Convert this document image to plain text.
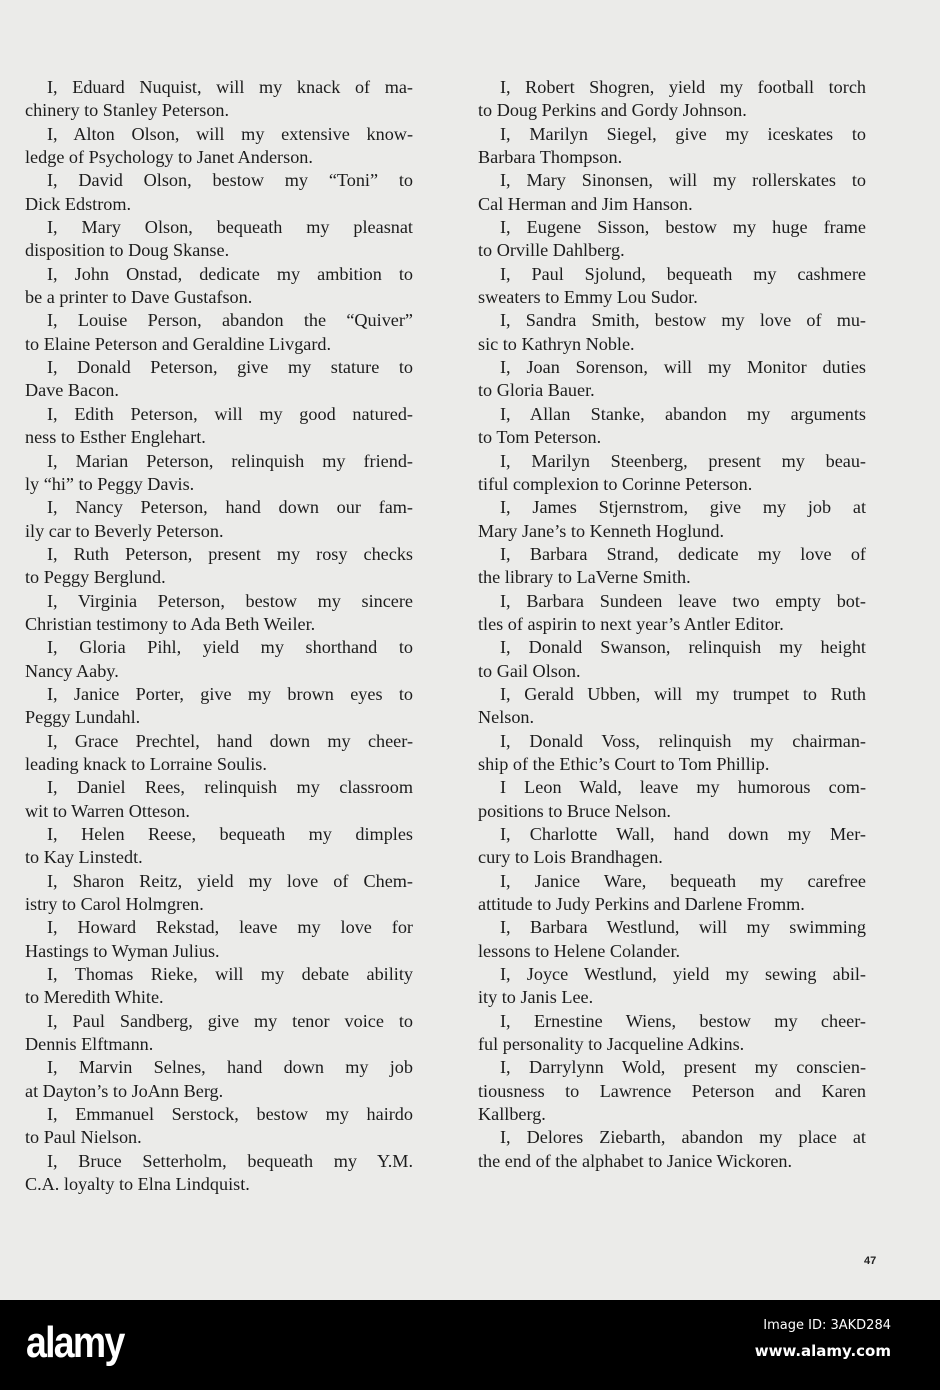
I, Eduard Nuquist, will my knack of ma-
chinery to Stanley Peterson.
I, Alton Olson, will my extensive know-
ledge of Psychology to Janet Anderson.
I, David Olson, bestow my “Toni” to
Dick Edstrom.
I, Mary Olson, bequeath my pleasnat
disposition to Doug Skanse.
I, John Onstad, dedicate my ambition to
be a printer to Dave Gustafson.
I, Louise Person, abandon the “Quiver”
to Elaine Peterson and Geraldine Livgard.
I, Donald Peterson, give my stature to
Dave Bacon.
I, Edith Peterson, will my good natured-
ness to Esther Englehart.
I, Marian Peterson, relinquish my friend-
ly “hi” to Peggy Davis.
I, Nancy Peterson, hand down our fam-
ily car to Beverly Peterson.
I, Ruth Peterson, present my rosy checks
to Peggy Berglund.
I, Virginia Peterson, bestow my sincere
Christian testimony to Ada Beth Weiler.
I, Gloria Pihl, yield my shorthand to
Nancy Aaby.
I, Janice Porter, give my brown eyes to
Peggy Lundahl.
I, Grace Prechtel, hand down my cheer-
leading knack to Lorraine Soulis.
I, Daniel Rees, relinquish my classroom
wit to Warren Otteson.
I, Helen Reese, bequeath my dimples
to Kay Linstedt.
I, Sharon Reitz, yield my love of Chem-
istry to Carol Holmgren.
I, Howard Rekstad, leave my love for
Hastings to Wyman Julius.
I, Thomas Rieke, will my debate ability
to Meredith White.
I, Paul Sandberg, give my tenor voice to
Dennis Elftmann.
I, Marvin Selnes, hand down my job
at Dayton’s to JoAnn Berg.
I, Emmanuel Serstock, bestow my hairdo
to Paul Nielson.
I, Bruce Setterholm, bequeath my Y.M.
C.A. loyalty to Elna Lindquist.
I, Robert Shogren, yield my football torch
to Doug Perkins and Gordy Johnson.
I, Marilyn Siegel, give my iceskates to
Barbara Thompson.
I, Mary Sinonsen, will my rollerskates to
Cal Herman and Jim Hanson.
I, Eugene Sisson, bestow my huge frame
to Orville Dahlberg.
I, Paul Sjolund, bequeath my cashmere
sweaters to Emmy Lou Sudor.
I, Sandra Smith, bestow my love of mu-
sic to Kathryn Noble.
I, Joan Sorenson, will my Monitor duties
to Gloria Bauer.
I, Allan Stanke, abandon my arguments
to Tom Peterson.
I, Marilyn Steenberg, present my beau-
tiful complexion to Corinne Peterson.
I, James Stjernstrom, give my job at
Mary Jane’s to Kenneth Hoglund.
I, Barbara Strand, dedicate my love of
the library to LaVerne Smith.
I, Barbara Sundeen leave two empty bot-
tles of aspirin to next year’s Antler Editor.
I, Donald Swanson, relinquish my height
to Gail Olson.
I, Gerald Ubben, will my trumpet to Ruth
Nelson.
I, Donald Voss, relinquish my chairman-
ship of the Ethic’s Court to Tom Phillip.
I Leon Wald, leave my humorous com-
positions to Bruce Nelson.
I, Charlotte Wall, hand down my Mer-
cury to Lois Brandhagen.
I, Janice Ware, bequeath my carefree
attitude to Judy Perkins and Darlene Fromm.
I, Barbara Westlund, will my swimming
lessons to Helene Colander.
I, Joyce Westlund, yield my sewing abil-
ity to Janis Lee.
I, Ernestine Wiens, bestow my cheer-
ful personality to Jacqueline Adkins.
I, Darrylynn Wold, present my conscien-
tiousness to Lawrence Peterson and Karen
Kallberg.
I, Delores Ziebarth, abandon my place at
the end of the alphabet to Janice Wickoren.
47
alamy	Image ID: 3AKD284
www.alamy.com
